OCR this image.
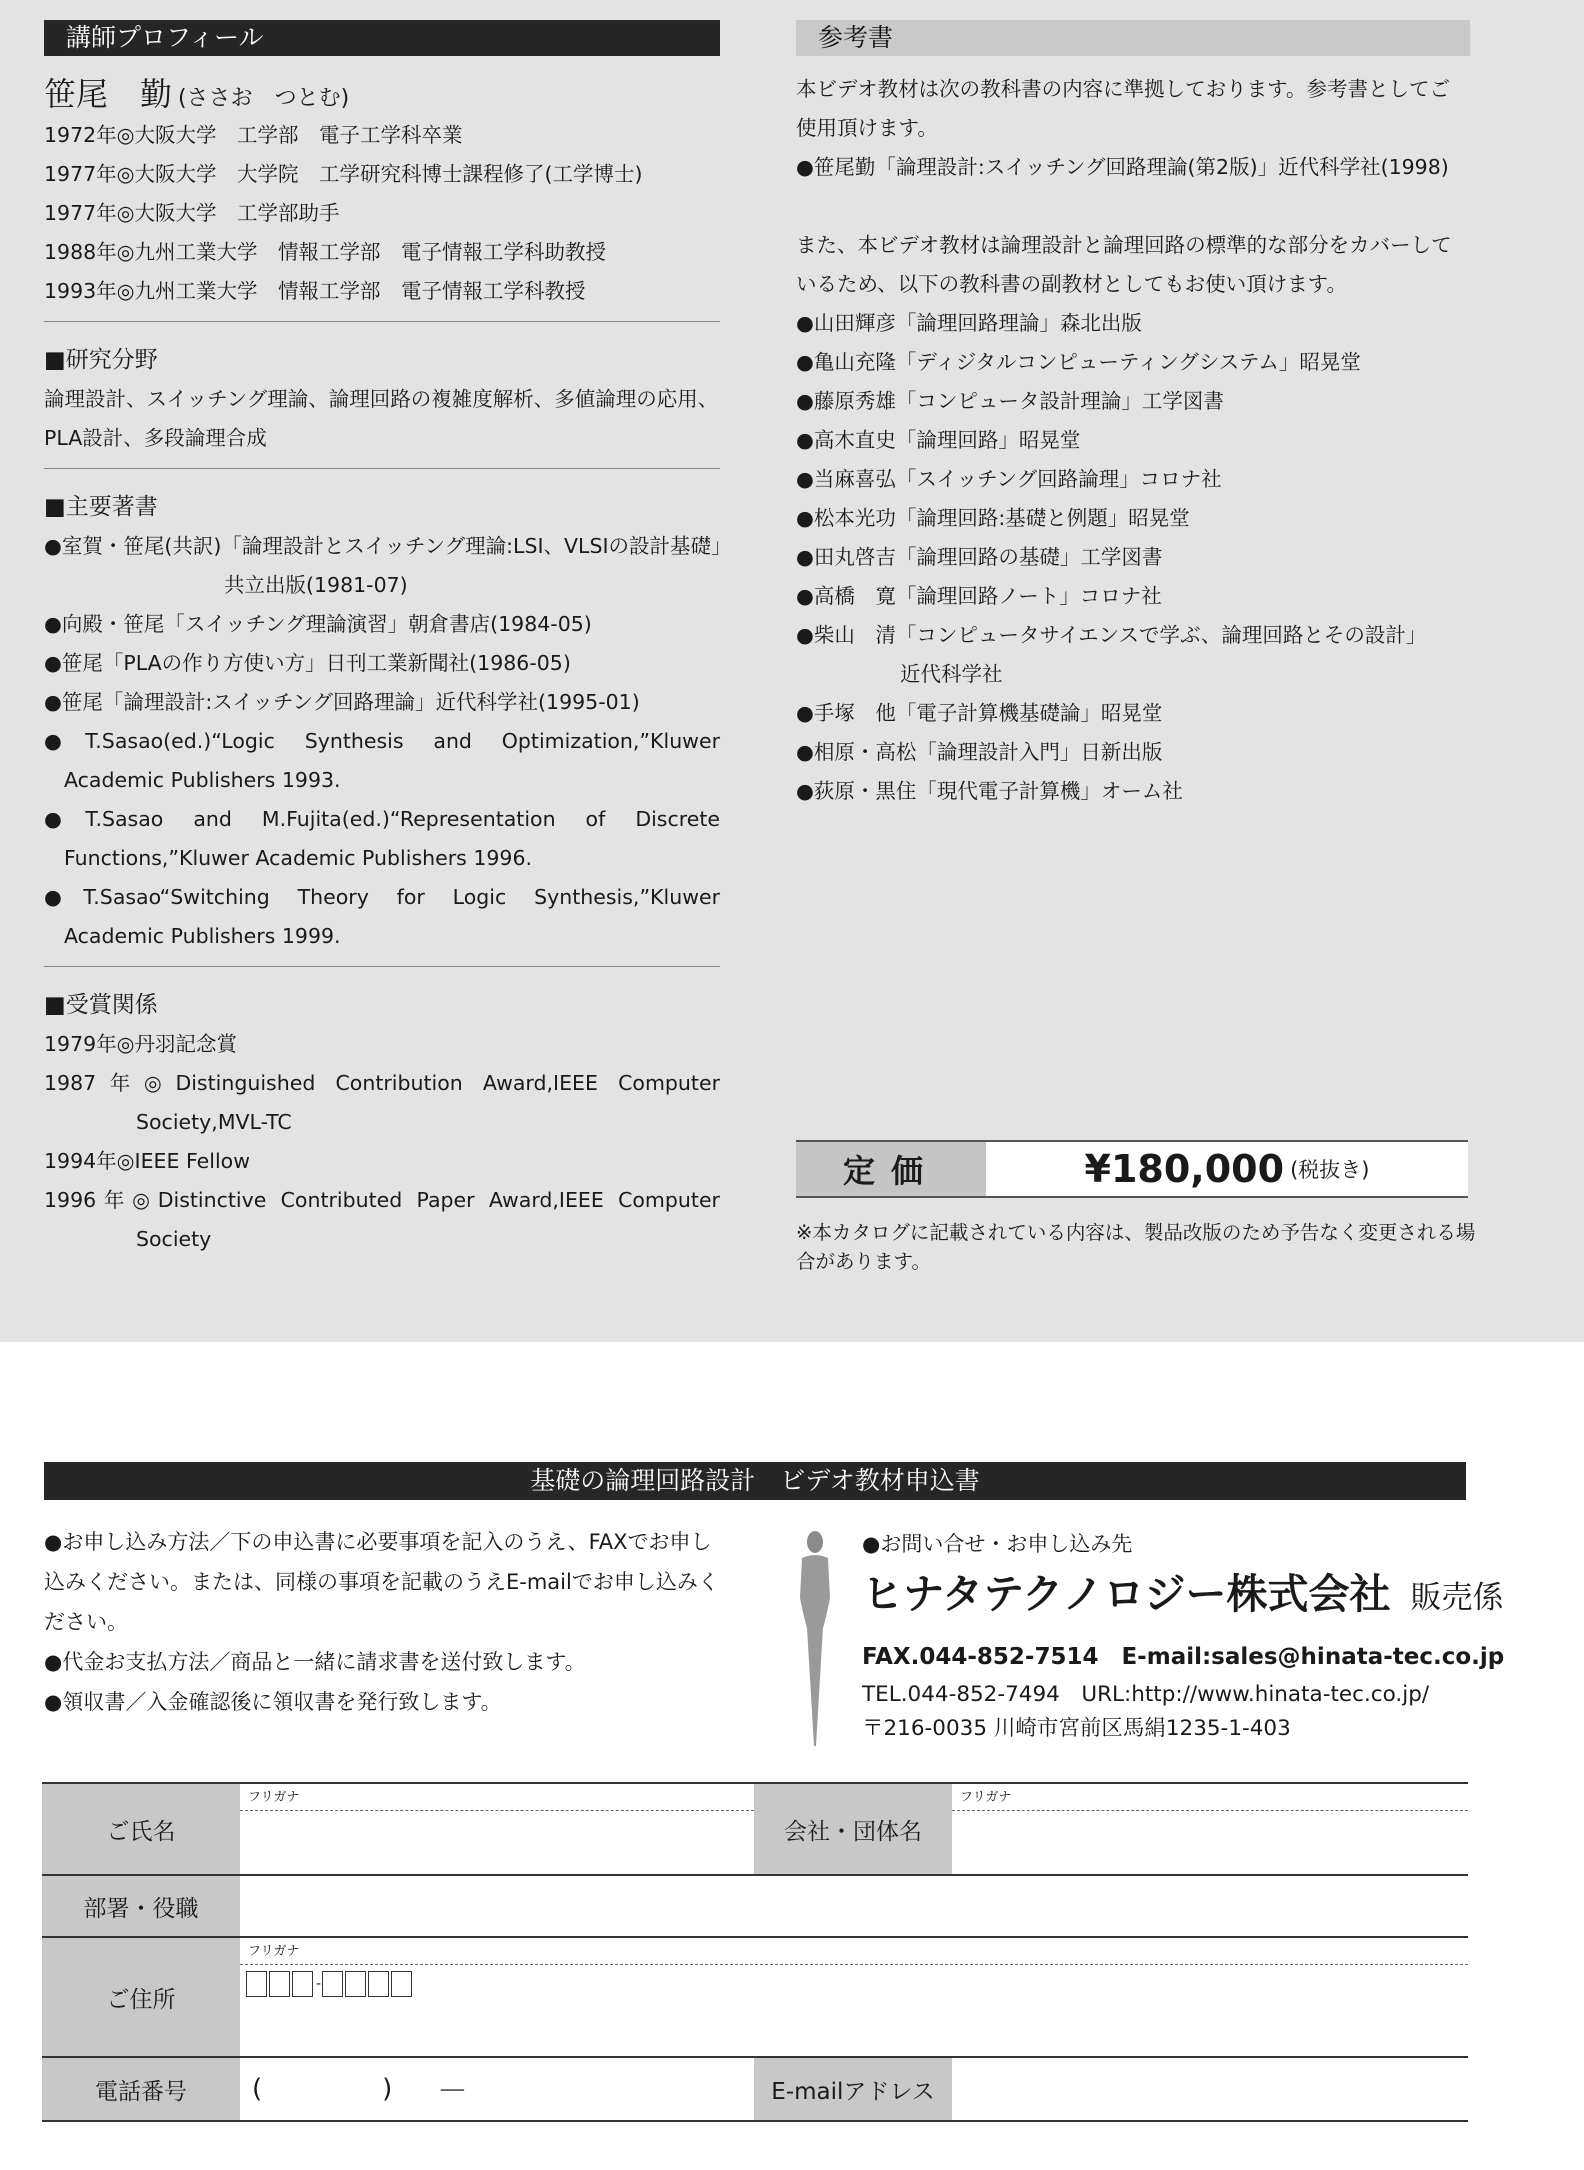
講師プロフィール
笹尾　勤 (ささお　つとむ)
1972年◎大阪大学　工学部　電子工学科卒業
1977年◎大阪大学　大学院　工学研究科博士課程修了(工学博士)
1977年◎大阪大学　工学部助手
1988年◎九州工業大学　情報工学部　電子情報工学科助教授
1993年◎九州工業大学　情報工学部　電子情報工学科教授
■研究分野
論理設計、スイッチング理論、論理回路の複雑度解析、多値論理の応用、
PLA設計、多段論理合成
■主要著書
●室賀・笹尾(共訳)「論理設計とスイッチング理論:LSI、VLSIの設計基礎」
共立出版(1981-07)
●向殿・笹尾「スイッチング理論演習」朝倉書店(1984-05)
●笹尾「PLAの作り方使い方」日刊工業新聞社(1986-05)
●笹尾「論理設計:スイッチング回路理論」近代科学社(1995-01)
●T.Sasao(ed.)“Logic Synthesis and Optimization,”Kluwer
Academic Publishers 1993.
●T.Sasao and M.Fujita(ed.)“Representation of Discrete
Functions,”Kluwer Academic Publishers 1996.
●T.Sasao“Switching Theory for Logic Synthesis,”Kluwer
Academic Publishers 1999.
■受賞関係
1979年◎丹羽記念賞
1987年◎Distinguished Contribution Award,IEEE Computer
Society,MVL-TC
1994年◎IEEE Fellow
1996年◎Distinctive Contributed Paper Award,IEEE Computer
Society
参考書
本ビデオ教材は次の教科書の内容に準拠しております。参考書としてご使用頂けます。
●笹尾勤「論理設計:スイッチング回路理論(第2版)」近代科学社(1998)
また、本ビデオ教材は論理設計と論理回路の標準的な部分をカバーしているため、以下の教科書の副教材としてもお使い頂けます。
●山田輝彦「論理回路理論」森北出版
●亀山充隆「ディジタルコンピューティングシステム」昭晃堂
●藤原秀雄「コンピュータ設計理論」工学図書
●高木直史「論理回路」昭晃堂
●当麻喜弘「スイッチング回路論理」コロナ社
●松本光功「論理回路:基礎と例題」昭晃堂
●田丸啓吉「論理回路の基礎」工学図書
●高橋　寛「論理回路ノート」コロナ社
●柴山　清「コンピュータサイエンスで学ぶ、論理回路とその設計」
近代科学社
●手塚　他「電子計算機基礎論」昭晃堂
●相原・高松「論理設計入門」日新出版
●荻原・黒住「現代電子計算機」オーム社
定価	¥180,000 (税抜き)
※本カタログに記載されている内容は、製品改版のため予告なく変更される場合があります。
基礎の論理回路設計　ビデオ教材申込書
●お申し込み方法／下の申込書に必要事項を記入のうえ、FAXでお申し込みください。または、同様の事項を記載のうえE-mailでお申し込みください。
●代金お支払方法／商品と一緒に請求書を送付致します。
●領収書／入金確認後に領収書を発行致します。
●お問い合せ・お申し込み先
ヒナタテクノロジー株式会社 販売係
FAX.044-852-7514　E-mail:sales@hinata-tec.co.jp
TEL.044-852-7494　URL:http://www.hinata-tec.co.jp/
〒216-0035 川崎市宮前区馬絹1235-1-403
ご氏名	フリガナ	会社・団体名	フリガナ

部署・役職			
ご住所	フリガナ
-		

電話番号	( ) —	E-mailアドレス	
